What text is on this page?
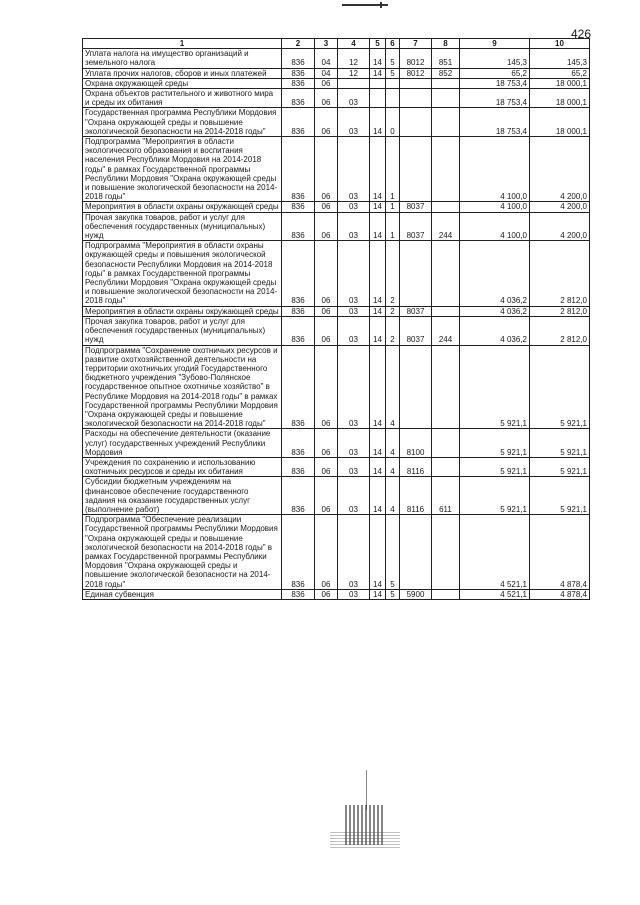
426
1	2	3	4	5	6	7	8	9	10
Уплата налога на имущество организаций и земельного налога	836	04	12	14	5	8012	851	145,3	145,3
Уплата прочих налогов, сборов и иных платежей	836	04	12	14	5	8012	852	65,2	65,2
Охрана окружающей среды	836	06						18 753,4	18 000,1
Охрана объектов растительного и животного мира и среды их обитания	836	06	03					18 753,4	18 000,1
Государственная программа Республики Мордовия "Охрана окружающей среды и повышение экологической безопасности на 2014-2018 годы"	836	06	03	14	0			18 753,4	18 000,1
Подпрограмма "Мероприятия в области экологического образования и воспитания населения Республики Мордовия на 2014-2018 годы" в рамках Государственной программы Республики Мордовия "Охрана окружающей среды и повышение экологической безопасности на 2014-2018 годы"	836	06	03	14	1			4 100,0	4 200,0
Мероприятия в области охраны окружающей среды	836	06	03	14	1	8037		4 100,0	4 200,0
Прочая закупка товаров, работ и услуг для обеспечения государственных (муниципальных) нужд	836	06	03	14	1	8037	244	4 100,0	4 200,0
Подпрограмма "Мероприятия в области охраны окружающей среды и повышения экологической безопасности Республики Мордовия на 2014-2018 годы" в рамках Государственной программы Республики Мордовия "Охрана окружающей среды и повышение экологической безопасности на 2014-2018 годы"	836	06	03	14	2			4 036,2	2 812,0
Мероприятия в области охраны окружающей среды	836	06	03	14	2	8037		4 036,2	2 812,0
Прочая закупка товаров, работ и услуг для обеспечения государственных (муниципальных) нужд	836	06	03	14	2	8037	244	4 036,2	2 812,0
Подпрограмма "Сохранение охотничьих ресурсов и развитие охотхозяйственной деятельности на территории охотничьих угодий Государственного бюджетного учреждения "Зубово-Полянское государственное опытное охотничье хозяйство" в Республике Мордовия на 2014-2018 годы" в рамках Государственной программы Республики Мордовия "Охрана окружающей среды и повышение экологической безопасности на 2014-2018 годы"	836	06	03	14	4			5 921,1	5 921,1
Расходы на обеспечение деятельности (оказание услуг) государственных учреждений Республики Мордовия	836	06	03	14	4	8100		5 921,1	5 921,1
Учреждения по сохранению и использованию охотничьих ресурсов и среды их обитания	836	06	03	14	4	8116		5 921,1	5 921,1
Субсидии бюджетным учреждениям на финансовое обеспечение государственного задания на оказание государственных услуг (выполнение работ)	836	06	03	14	4	8116	611	5 921,1	5 921,1
Подпрограмма "Обеспечение реализации Государственной программы Республики Мордовия "Охрана окружающей среды и повышение экологической безопасности на 2014-2018 годы" в рамках Государственной программы Республики Мордовия "Охрана окружающей среды и повышение экологической безопасности на 2014-2018 годы"	836	06	03	14	5			4 521,1	4 878,4
Единая субвенция	836	06	03	14	5	5900		4 521,1	4 878,4
